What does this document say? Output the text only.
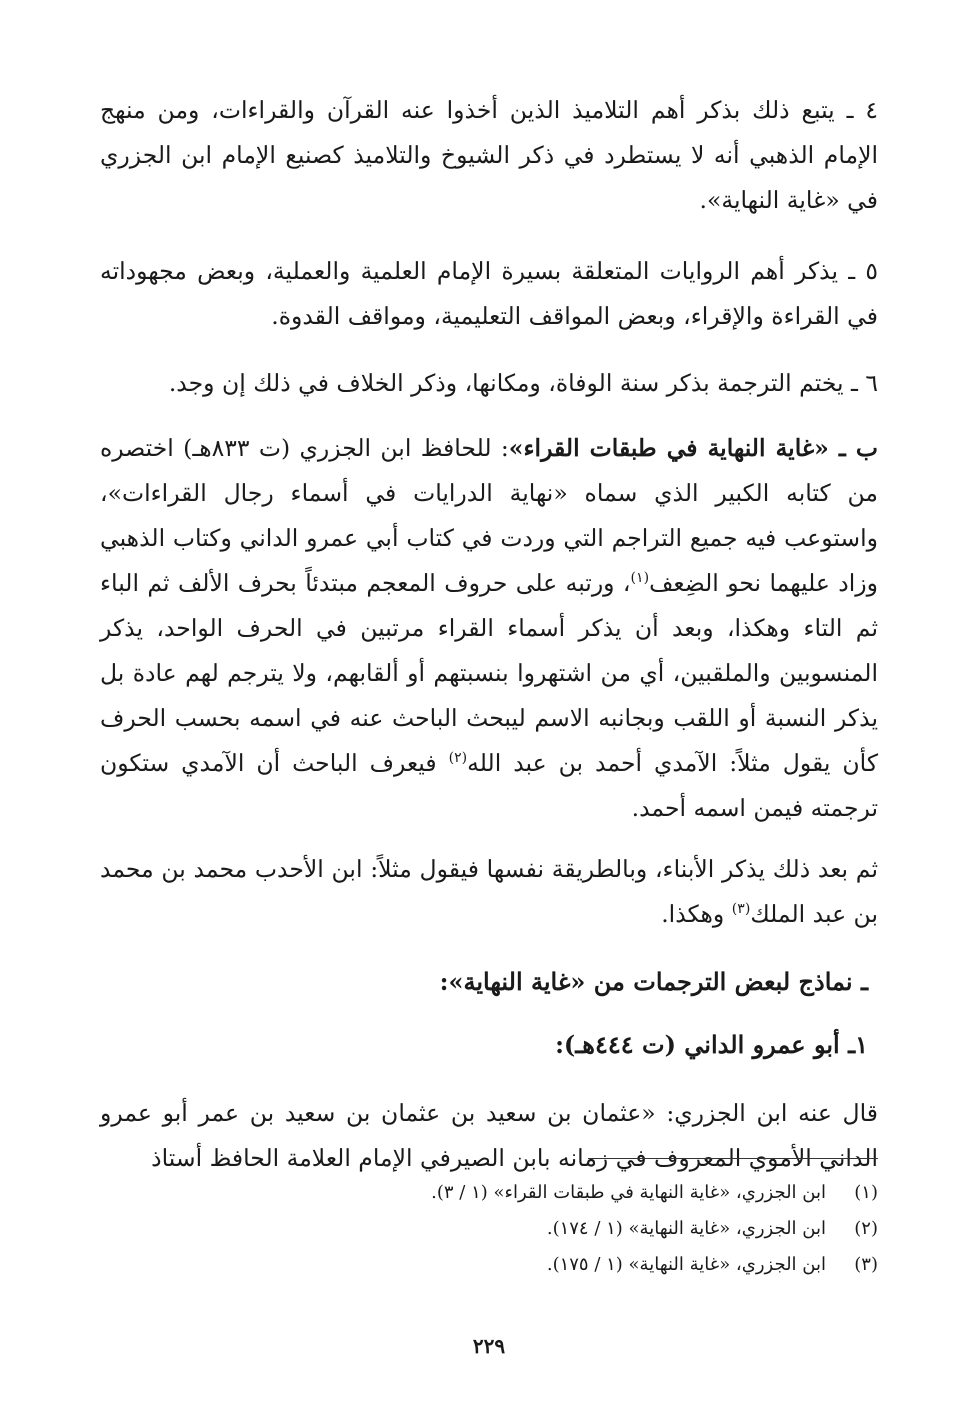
٤ ـ يتبع ذلك بذكر أهم التلاميذ الذين أخذوا عنه القرآن والقراءات، ومن منهج الإمام الذهبي أنه لا يستطرد في ذكر الشيوخ والتلاميذ كصنيع الإمام ابن الجزري في «غاية النهاية».

٥ ـ يذكر أهم الروايات المتعلقة بسيرة الإمام العلمية والعملية، وبعض مجهوداته في القراءة والإقراء، وبعض المواقف التعليمية، ومواقف القدوة.

٦ ـ يختم الترجمة بذكر سنة الوفاة، ومكانها، وذكر الخلاف في ذلك إن وجد.

ب ـ «غاية النهاية في طبقات القراء»: للحافظ ابن الجزري (ت ٨٣٣هـ) اختصره من كتابه الكبير الذي سماه «نهاية الدرايات في أسماء رجال القراءات»، واستوعب فيه جميع التراجم التي وردت في كتاب أبي عمرو الداني وكتاب الذهبي وزاد عليهما نحو الضِعف$^{(١)}$، ورتبه على حروف المعجم مبتدئاً بحرف الألف ثم الباء ثم التاء وهكذا، وبعد أن يذكر أسماء القراء مرتبين في الحرف الواحد، يذكر المنسوبين والملقبين، أي من اشتهروا بنسبتهم أو ألقابهم، ولا يترجم لهم عادة بل يذكر النسبة أو اللقب وبجانبه الاسم ليبحث الباحث عنه في اسمه بحسب الحرف كأن يقول مثلاً: الآمدي أحمد بن عبد الله$^{(٢)}$ فيعرف الباحث أن الآمدي ستكون ترجمته فيمن اسمه أحمد.

ثم بعد ذلك يذكر الأبناء، وبالطريقة نفسها فيقول مثلاً: ابن الأحدب محمد بن محمد بن عبد الملك$^{(٣)}$ وهكذا.

ـ نماذج لبعض الترجمات من «غاية النهاية»:
١ـ أبو عمرو الداني (ت ٤٤٤هـ):

قال عنه ابن الجزري: «عثمان بن سعيد بن عثمان بن سعيد بن عمر أبو عمرو الداني الأموي المعروف في زمانه بابن الصيرفي الإمام العلامة الحافظ أستاذ

(١)ابن الجزري، «غاية النهاية في طبقات القراء» (١ / ٣).
(٢)ابن الجزري، «غاية النهاية» (١ / ١٧٤).
(٣)ابن الجزري، «غاية النهاية» (١ / ١٧٥).
٢٢٩
